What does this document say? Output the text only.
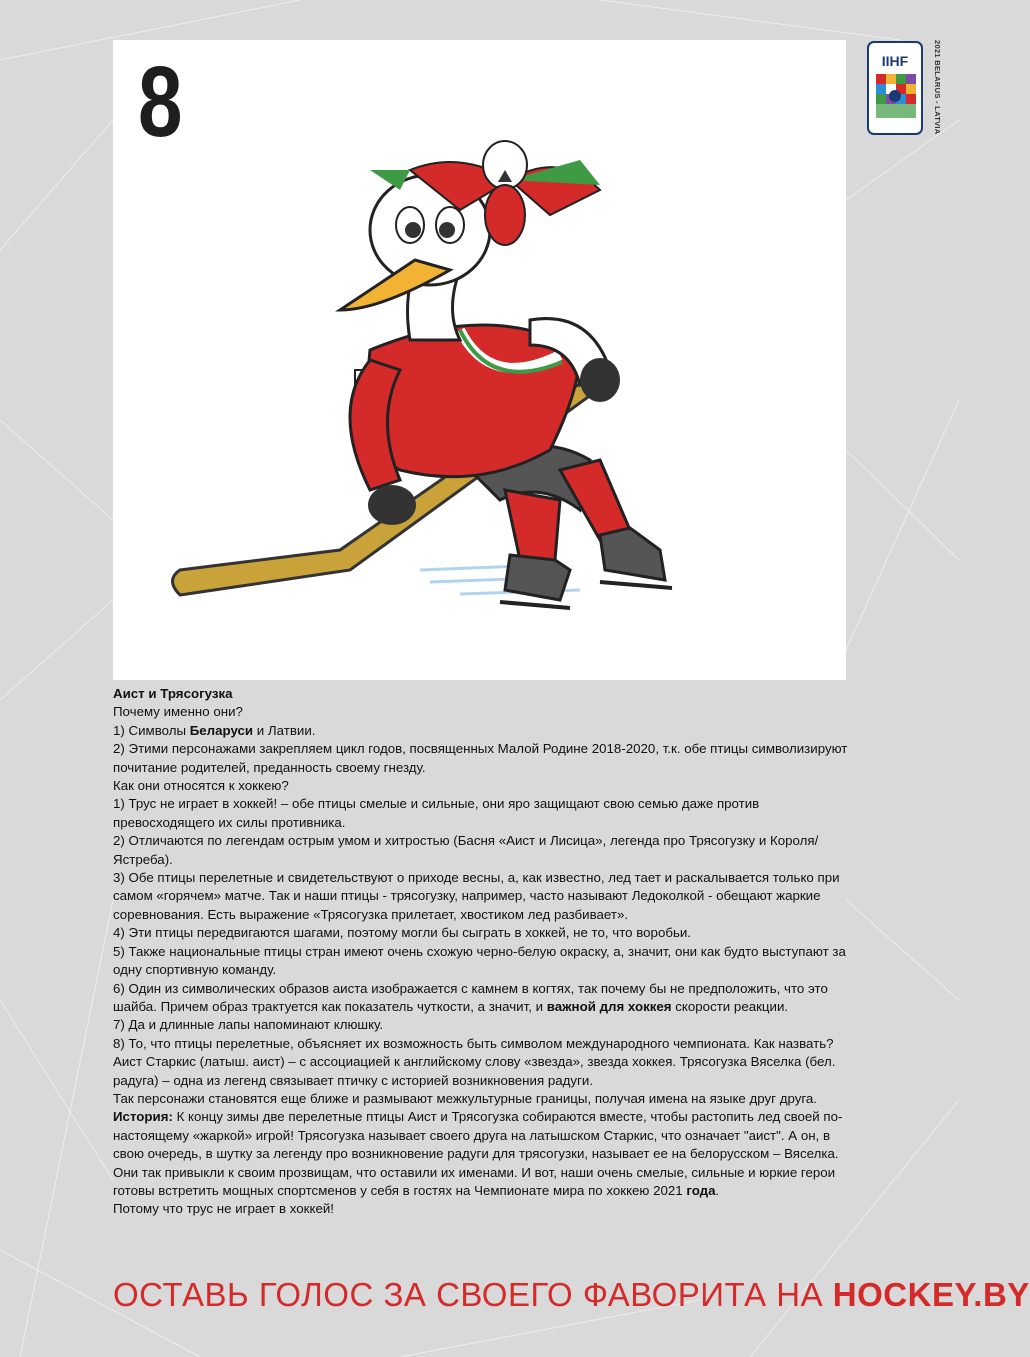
8	IIHF	2021 BELARUS - LATVIA

Аист и Трясогузка

Почему именно они?

1) Символы Беларуси и Латвии.

2) Этими персонажами закрепляем цикл годов, посвященных Малой Родине 2018-2020, т.к. обе птицы символизируют почитание родителей, преданность своему гнезду.

Как они относятся к хоккею?

1) Трус не играет в хоккей! – обе птицы смелые и сильные, они яро защищают свою семью даже против превосходящего их силы противника.

2) Отличаются по легендам острым умом и хитростью (Басня «Аист и Лисица», легенда про Трясогузку и Короля/Ястреба).

3) Обе птицы перелетные и свидетельствуют о приходе весны, а, как известно, лед тает и раскалывается только при самом «горячем» матче. Так и наши птицы - трясогузку, например, часто называют Ледоколкой - обещают жаркие соревнования. Есть выражение «Трясогузка прилетает, хвостиком лед разбивает».

4) Эти птицы передвигаются шагами, поэтому могли бы сыграть в хоккей, не то, что воробьи.

5) Также национальные птицы стран имеют очень схожую черно-белую окраску, а, значит, они как будто выступают за одну спортивную команду.

6) Один из символических образов аиста изображается с камнем в когтях, так почему бы не предположить, что это шайба. Причем образ трактуется как показатель чуткости, а значит, и важной для хоккея скорости реакции.

7) Да и длинные лапы напоминают клюшку.

8) То, что птицы перелетные, объясняет их возможность быть символом международного чемпионата. Как назвать? Аист Старкис (латыш. аист) – с ассоциацией к английскому слову «звезда», звезда хоккея. Трясогузка Вяселка (бел. радуга) – одна из легенд связывает птичку с историей возникновения радуги.

Так персонажи становятся еще ближе и размывают межкультурные границы, получая имена на языке друг друга.

История: К концу зимы две перелетные птицы Аист и Трясогузка собираются вместе, чтобы растопить лед своей по-настоящему «жаркой» игрой! Трясогузка называет своего друга на латышском Старкис, что означает "аист". А он, в свою очередь, в шутку за легенду про возникновение радуги для трясогузки, называет ее на белорусском – Вяселка. Они так привыкли к своим прозвищам, что оставили их именами. И вот, наши очень смелые, сильные и юркие герои готовы встретить мощных спортсменов у себя в гостях на Чемпионате мира по хоккею 2021 года.

Потому что трус не играет в хоккей!

ОСТАВЬ ГОЛОС ЗА СВОЕГО ФАВОРИТА НА HOCKEY.BY
